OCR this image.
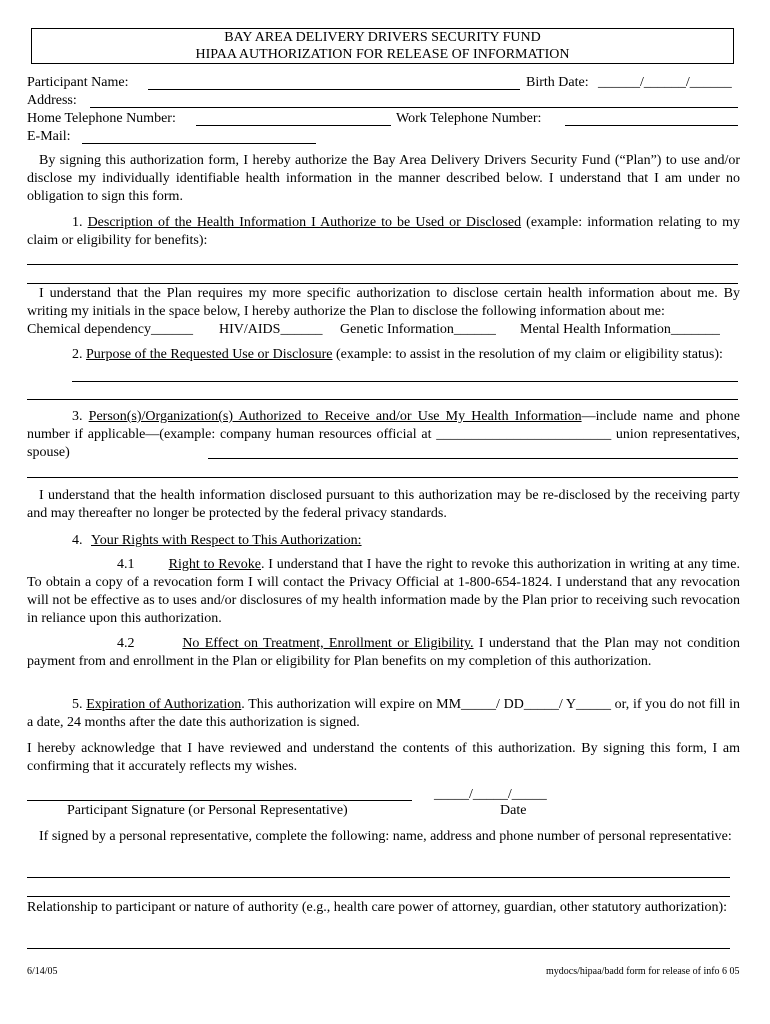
BAY AREA DELIVERY DRIVERS SECURITY FUND
HIPAA AUTHORIZATION FOR RELEASE OF INFORMATION
Participant Name:	Birth Date: ______/______/______
Address:
Home Telephone Number:	Work Telephone Number:
E-Mail:
By signing this authorization form, I hereby authorize the Bay Area Delivery Drivers Security Fund (“Plan”) to use and/or disclose my individually identifiable health information in the manner described below. I understand that I am under no obligation to sign this form.
1. Description of the Health Information I Authorize to be Used or Disclosed (example: information relating to my claim or eligibility for benefits):
I understand that the Plan requires my more specific authorization to disclose certain health information about me. By writing my initials in the space below, I hereby authorize the Plan to disclose the following information about me:
Chemical dependency______ HIV/AIDS______ Genetic Information______ Mental Health Information_______
2. Purpose of the Requested Use or Disclosure (example: to assist in the resolution of my claim or eligibility status):
3. Person(s)/Organization(s) Authorized to Receive and/or Use My Health Information—include name and phone number if applicable—(example: company human resources official at _________________________ union representatives, spouse)
I understand that the health information disclosed pursuant to this authorization may be re-disclosed by the receiving party and may thereafter no longer be protected by the federal privacy standards.
4. Your Rights with Respect to This Authorization:
4.1 Right to Revoke. I understand that I have the right to revoke this authorization in writing at any time. To obtain a copy of a revocation form I will contact the Privacy Official at 1-800-654-1824. I understand that any revocation will not be effective as to uses and/or disclosures of my health information made by the Plan prior to receiving such revocation in reliance upon this authorization.
4.2	No Effect on Treatment, Enrollment or Eligibility. I understand that the Plan may not condition payment from and enrollment in the Plan or eligibility for Plan benefits on my completion of this authorization.
5. Expiration of Authorization. This authorization will expire on MM_____/ DD_____/ Y_____ or, if you do not fill in a date, 24 months after the date this authorization is signed.
I hereby acknowledge that I have reviewed and understand the contents of this authorization. By signing this form, I am confirming that it accurately reflects my wishes.
_____/_____/_____
Participant Signature (or Personal Representative)	Date
If signed by a personal representative, complete the following: name, address and phone number of personal representative:
Relationship to participant or nature of authority (e.g., health care power of attorney, guardian, other statutory authorization):
6/14/05	mydocs/hipaa/badd form for release of info 6 05
